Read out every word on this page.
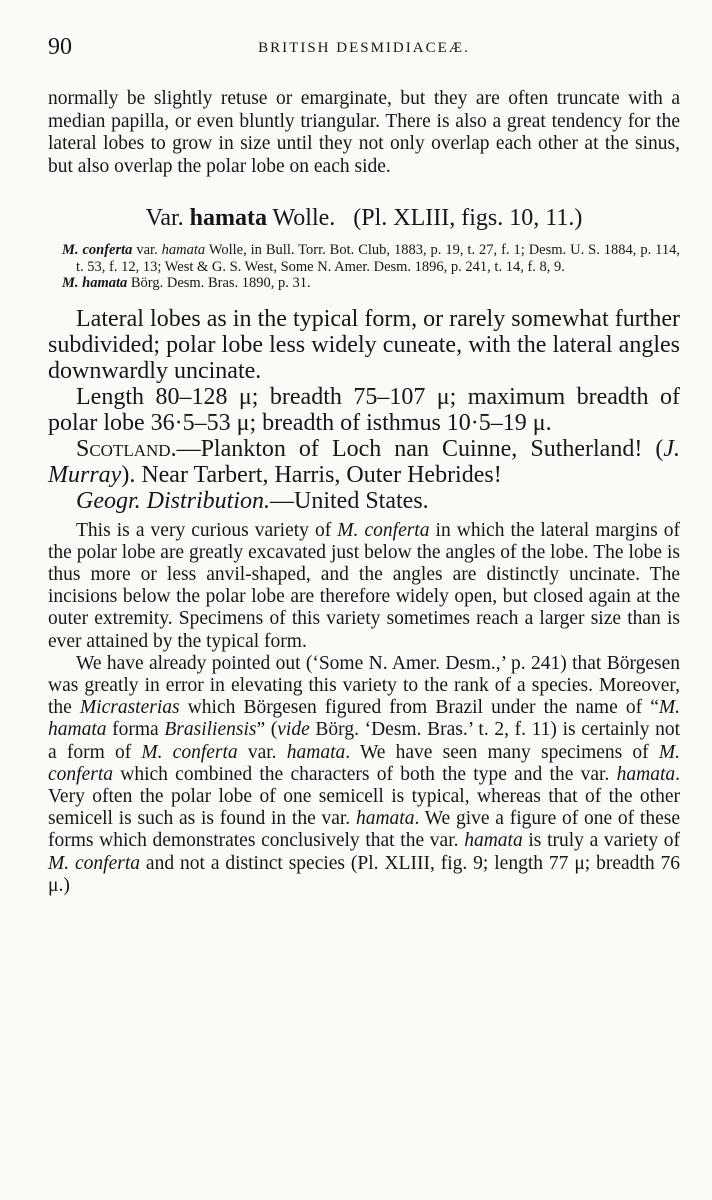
90	BRITISH DESMIDIACEÆ.

normally be slightly retuse or emarginate, but they are often truncate with a median papilla, or even bluntly triangular. There is also a great tendency for the lateral lobes to grow in size until they not only overlap each other at the sinus, but also overlap the polar lobe on each side.

Var. hamata Wolle. (Pl. XLIII, figs. 10, 11.)

M. conferta var. hamata Wolle, in Bull. Torr. Bot. Club, 1883, p. 19, t. 27, f. 1; Desm. U. S. 1884, p. 114, t. 53, f. 12, 13; West & G. S. West, Some N. Amer. Desm. 1896, p. 241, t. 14, f. 8, 9.

M. hamata Börg. Desm. Bras. 1890, p. 31.

Lateral lobes as in the typical form, or rarely somewhat further subdivided; polar lobe less widely cuneate, with the lateral angles downwardly uncinate.

Length 80–128 μ; breadth 75–107 μ; maximum breadth of polar lobe 36·5–53 μ; breadth of isthmus 10·5–19 μ.

Scotland.—Plankton of Loch nan Cuinne, Sutherland! (J. Murray). Near Tarbert, Harris, Outer Hebrides!

Geogr. Distribution.—United States.

This is a very curious variety of M. conferta in which the lateral margins of the polar lobe are greatly excavated just below the angles of the lobe. The lobe is thus more or less anvil-shaped, and the angles are distinctly uncinate. The incisions below the polar lobe are therefore widely open, but closed again at the outer extremity. Specimens of this variety sometimes reach a larger size than is ever attained by the typical form.

We have already pointed out (‘Some N. Amer. Desm.,’ p. 241) that Börgesen was greatly in error in elevating this variety to the rank of a species. Moreover, the Micrasterias which Börgesen figured from Brazil under the name of “M. hamata forma Brasiliensis” (vide Börg. ‘Desm. Bras.’ t. 2, f. 11) is certainly not a form of M. conferta var. hamata. We have seen many specimens of M. conferta which combined the characters of both the type and the var. hamata. Very often the polar lobe of one semicell is typical, whereas that of the other semicell is such as is found in the var. hamata. We give a figure of one of these forms which demonstrates conclusively that the var. hamata is truly a variety of M. conferta and not a distinct species (Pl. XLIII, fig. 9; length 77 μ; breadth 76 μ.)
